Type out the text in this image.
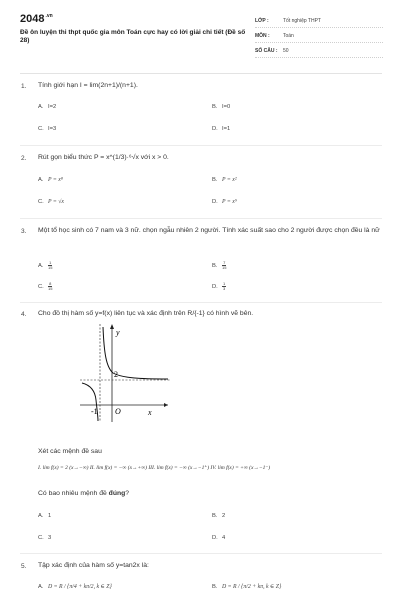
$2048^{.vn}$
Đề ôn luyện thi thpt quốc gia môn Toán cực hay có lời giải chi tiết (Đề số 28)
LỚP :	Tốt nghiệp THPT
MÔN :	Toán
SỐ CÂU : 50
1. Tính giới hạn I = lim(2n+1)/(n+1).
A. I=2	B. I=0
C. I=3	D. I=1
2. Rút gọn biểu thức P = x^(1/3)·⁶√x với x > 0.
A. P = x⁸	B. P = x²
C. P = √x	D. P = x⁹
3. Một tổ học sinh có 7 nam và 3 nữ. chọn ngẫu nhiên 2 người. Tính xác suất sao cho 2 người được chọn đều là nữ
A. $\frac{1}{15}$	B. $\frac{7}{15}$
C. $\frac{8}{15}$	D. $\frac{1}{3}$
4. Cho đồ thị hàm số y=f(x) liên tục và xác định trên R/{-1} có hình vẽ bên.
y
x
O
2
-1
Xét các mệnh đề sau
I. lim f(x) = 2 (x→−∞) II. lim f(x) = −∞ (x→+∞) III. lim f(x) = −∞ (x→−1⁺) IV. lim f(x) = +∞ (x→−1⁻)
Có bao nhiêu mệnh đề đúng?
A. 1	B. 2
C. 3	D. 4
5. Tập xác định của hàm số y=tan2x là:
A. D = R / {π/4 + kπ/2, k ∈ Z}	B. D = R / {π/2 + kπ, k ∈ Z}
